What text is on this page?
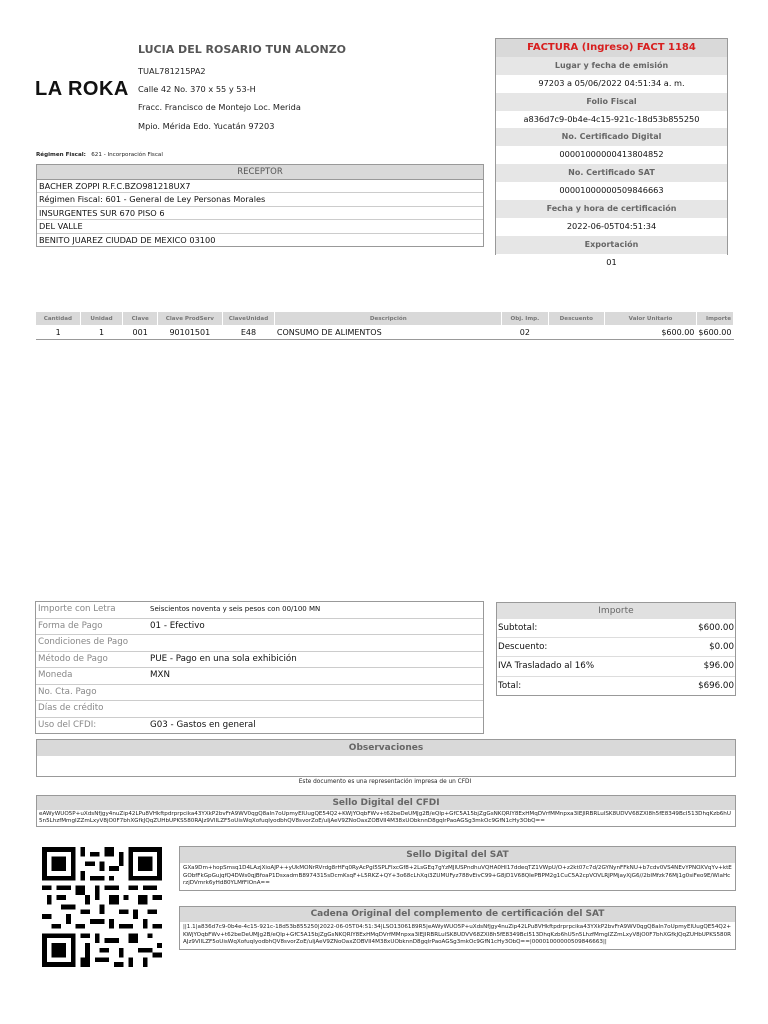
LA ROKA
LUCIA DEL ROSARIO TUN ALONZO
TUAL781215PA2
Calle 42 No. 370 x 55 y 53-H
Fracc. Francisco de Montejo Loc. Merida
Mpio. Mérida Edo. Yucatán 97203
Régimen Fiscal: 621 - Incorporación Fiscal
FACTURA (Ingreso) FACT 1184
Lugar y fecha de emisión
97203 a 05/06/2022 04:51:34 a. m.
Folio Fiscal
a836d7c9-0b4e-4c15-921c-18d53b855250
No. Certificado Digital
00001000000413804852
No. Certificado SAT
00001000000509846663
Fecha y hora de certificación
2022-06-05T04:51:34
Exportación
01
RECEPTOR
BACHER ZOPPI R.F.C.BZO981218UX7
Régimen Fiscal: 601 - General de Ley Personas Morales
INSURGENTES SUR 670 PISO 6
DEL VALLE
BENITO JUAREZ CIUDAD DE MEXICO 03100
Cantidad	Unidad	Clave	Clave ProdServ	ClaveUnidad	Descripción	Obj. Imp.	Descuento	Valor Unitario	Importe
1	1	001	90101501	E48	CONSUMO DE ALIMENTOS	02		$600.00	$600.00
Importe con Letra	Seiscientos noventa y seis pesos con 00/100 MN
Forma de Pago	01 - Efectivo
Condiciones de Pago
Método de Pago	PUE - Pago en una sola exhibición
Moneda	MXN
No. Cta. Pago
Días de crédito
Uso del CFDI:	G03 - Gastos en general
Importe
Subtotal:	$600.00
Descuento:	$0.00
IVA Trasladado al 16%	$96.00
Total:	$696.00
Observaciones
Este documento es una representación impresa de un CFDI
Sello Digital del CFDI
eAWyWUO5P+uXdsNfjgy4nuZip42LPu8VHkftpdrprpcika43YXkP2bvFrA9WV0qgQ8aln7oUpmyEIUugQE54Q2+KWjYOqbFWv+t62beDeUMJg2B/eQlp+GfC5A15bjZgGsNKQRIY8ExHMqDVrfMMnpxa3IEJIRBRLulSK8UDVV68ZXI8h5fE8349BcI513DhqKzb6hU5n5LhzfMmgIZZmLxyV8jO0F7bhXGfkJQqZUHbUPKS580RAJz9VIILZF5oUisWqXofuqIyodbhQV8svorZoE/uIjAeV9ZNoOaxZOBVII4M38xUObknnD8gqlrPaoAGSg3mkOc9GfN1cHy3ObQ==
Sello Digital del SAT
GXa9Dm+hopSmsq1D4LAzjXioAJP++yUkMONrRVrdg8rHFq0RyAcPgl5SPLFIxcGf8+2LsGEq7gYzMJlUSPndhuVQHA0HI17ddeqTZ1VWpU/O+z2kt07c7d/2GYNynFFkNU+b7cdv0VS4NEvYPNOXVqYv+ktEGObfFkGpGujqfQ4DWs0qjBfoaP1DsxadmB8974315sDcmKsqF+L5RKZ+QY+3o68cLhXqi3ZUMUFyz788vEivC99+G8jD1V68QIePBPM2g1CuC5A2cpVOVLRJPMjayXjG6//2bIMfzk76Mj1g0siFeo9E/WlaHcrzjDVmrk6yHd80YLMfFIOnA==
Cadena Original del complemento de certificación del SAT
||1.1|a836d7c9-0b4e-4c15-921c-18d53b855250|2022-06-05T04:51:34|LSO1306189R5|eAWyWUO5P+uXdsNfjgy4nuZip42LPu8VHkftpdrprpcika43YXkP2bvFrA9WV0qgQ8aln7oUpmyEIUugQE54Q2+KWjYOqbFWv+t62beDeUMJg2B/eQlp+GfC5A15bjZgGsNKQRIY8ExHMqDVrfMMnpxa3IEJIRBRLulSK8UDVV68ZXI8h5fE8349BcI513DhqKzb6hU5n5LhzfMmgIZZmLxyV8jO0F7bhXGfkJQqZUHbUPKS580RAJz9VIILZF5oUisWqXofuqIyodbhQV8svorZoE/uIjAeV9ZNoOaxZOBVII4M38xUObknnD8gqlrPaoAGSg3mkOc9GfN1cHy3ObQ==|00001000000509846663||
